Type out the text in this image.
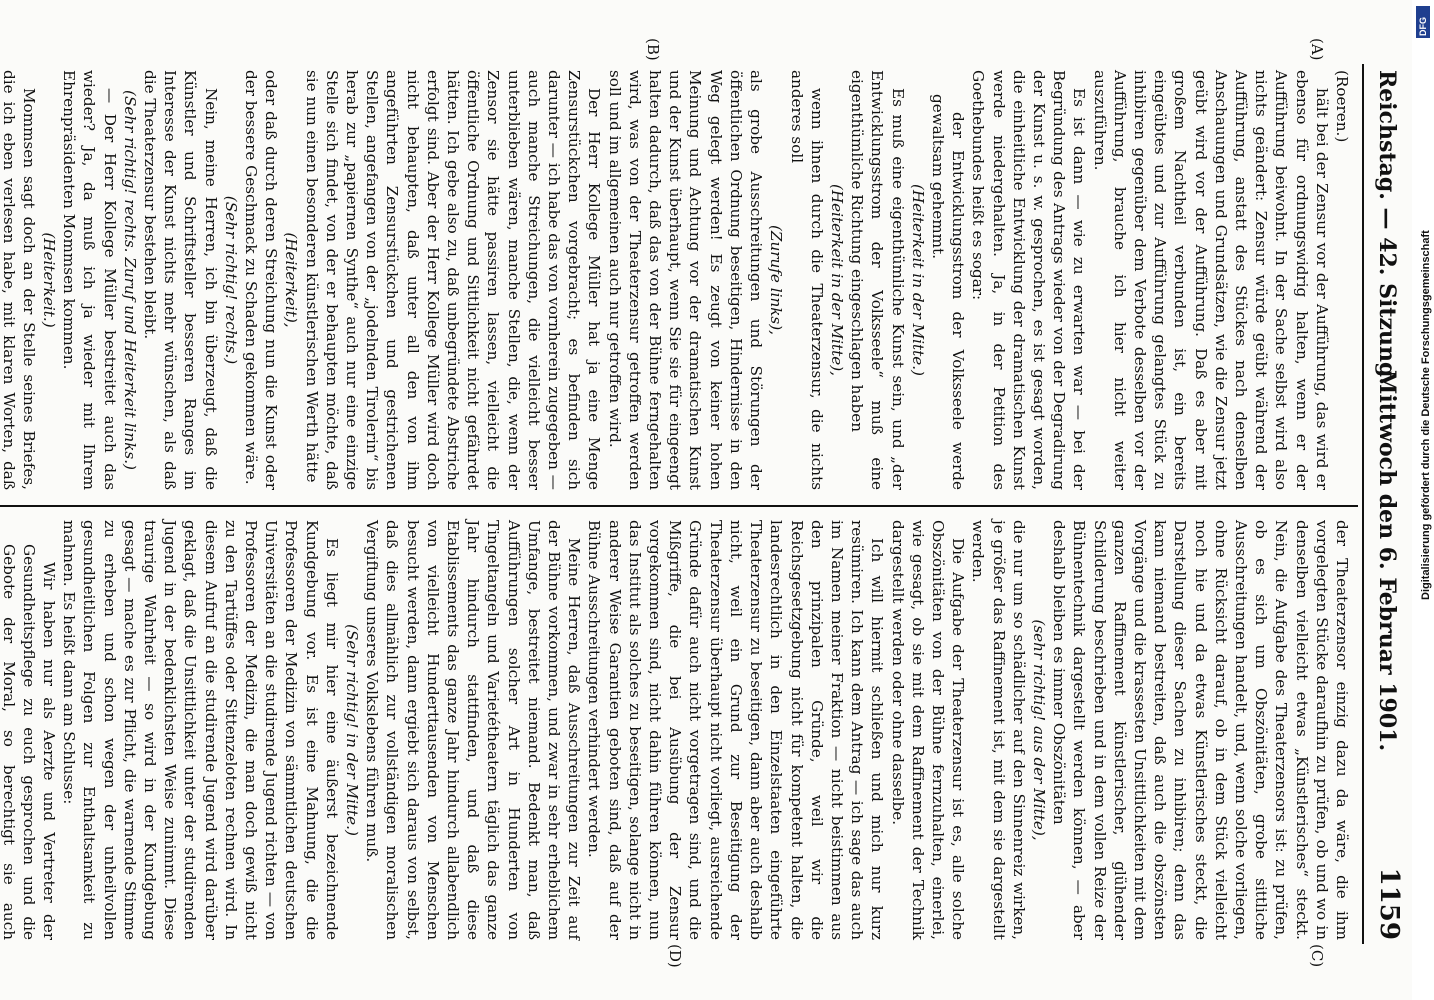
Reichstag. — 42. Sitzung.
Mittwoch den 6. Februar 1901.
1159
(A)
(B)
(C)
(D)

(Roeren.)

hält bei der Zensur vor der Aufführung, das wird er ebenso für ordnungswidrig halten, wenn er der Aufführung beiwohnt. In der Sache selbst wird also nichts geändert: Zensur würde geübt während der Aufführung, anstatt des Stückes nach denselben Anschauungen und Grundsätzen, wie die Zensur jetzt geübt wird vor der Aufführung. Daß es aber mit großem Nachtheil verbunden ist, ein bereits eingeübtes und zur Aufführung gelangtes Stück zu inhibiren gegenüber dem Verbote desselben vor der Aufführung, brauche ich hier nicht weiter auszuführen.

Es ist dann — wie zu erwarten war — bei der Begründung des Antrags wieder von der Degradirung der Kunst u. s. w. gesprochen, es ist gesagt worden, die einheitliche Entwicklung der dramatischen Kunst werde niedergehalten. Ja, in der Petition des Goethebundes heißt es sogar:

der Entwicklungsstrom der Volksseele werde gewaltsam gehemmt.

(Heiterkeit in der Mitte.)

Es muß eine eigenthümliche Kunst sein, und „der Entwicklungsstrom der Volksseele“ muß eine eigenthümliche Richtung eingeschlagen haben

(Heiterkeit in der Mitte),

wenn ihnen durch die Theaterzensur, die nichts anderes soll

(Zurufe links),

als grobe Ausschreitungen und Störungen der öffentlichen Ordnung beseitigen, Hindernisse in den Weg gelegt werden! Es zeugt von keiner hohen Meinung und Achtung vor der dramatischen Kunst und der Kunst überhaupt, wenn Sie sie für eingeengt halten dadurch, daß das von der Bühne ferngehalten wird, was von der Theaterzensur getroffen werden soll und im allgemeinen auch nur getroffen wird.

Der Herr Kollege Müller hat ja eine Menge Zensurstückchen vorgebracht; es befinden sich darunter — ich habe das von vornherein zugegeben — auch manche Streichungen, die vielleicht besser unterblieben wären, manche Stellen, die, wenn der Zensor sie hätte passiren lassen, vielleicht die öffentliche Ordnung und Sittlichkeit nicht gefährdet hätten. Ich gebe also zu, daß unbegründete Abstriche erfolgt sind. Aber der Herr Kollege Müller wird doch nicht behaupten, daß unter all den von ihm angeführten Zensurstückchen und gestrichenen Stellen, angefangen von der „jodelnden Tirolerin“ bis herab zur „papiernen Synthe“ auch nur eine einzige Stelle sich findet, von der er behaupten möchte, daß sie nun einen besonderen künstlerischen Werth hätte

(Heiterkeit),

oder daß durch deren Streichung nun die Kunst oder der bessere Geschmack zu Schaden gekommen wäre.

(Sehr richtig! rechts.)

Nein, meine Herren, ich bin überzeugt, daß die Künstler und Schriftsteller besseren Ranges im Interesse der Kunst nichts mehr wünschen, als daß die Theaterzensur bestehen bleibt.

(Sehr richtig! rechts. Zuruf und Heiterkeit links.)

— Der Herr Kollege Müller bestreitet auch das wieder? Ja, da muß ich ja wieder mit Ihrem Ehrenpräsidenten Mommsen kommen.

(Heiterkeit.)

Mommsen sagt doch an der Stelle seines Briefes, die ich eben verlesen habe, mit klaren Worten, daß

der Theaterzensor einzig dazu da wäre, die ihm vorgelegten Stücke daraufhin zu prüfen, ob und wo in denselben vielleicht etwas „Künstlerisches“ steckt. Nein, die Aufgabe des Theaterzensors ist: zu prüfen, ob es sich um Obszönitäten, grobe sittliche Ausschreitungen handelt, und, wenn solche vorliegen, ohne Rücksicht darauf, ob in dem Stück vielleicht noch hie und da etwas Künstlerisches steckt, die Darstellung dieser Sachen zu inhibiren; denn das kann niemand bestreiten, daß auch die obszönsten Vorgänge und die krassesten Unsittlichkeiten mit dem ganzen Raffinement künstlerischer, glühender Schilderung beschrieben und in dem vollen Reize der Bühnentechnik dargestellt werden können, — aber deshalb bleiben es immer Obszönitäten

(sehr richtig! aus der Mitte),

die nur um so schädlicher auf den Sinnenreiz wirken, je größer das Raffinement ist, mit dem sie dargestellt werden.

Die Aufgabe der Theaterzensur ist es, alle solche Obszönitäten von der Bühne fernzuhalten, einerlei, wie gesagt, ob sie mit dem Raffinement der Technik dargestellt werden oder ohne dasselbe.

Ich will hiermit schließen und mich nur kurz resümiren. Ich kann dem Antrag — ich sage das auch im Namen meiner Fraktion — nicht beistimmen aus den prinzipalen Gründe, weil wir die Reichsgesetzgebung nicht für kompetent halten, die landesrechtlich in den Einzelstaaten eingeführte Theaterzensur zu beseitigen, dann aber auch deshalb nicht, weil ein Grund zur Beseitigung der Theaterzensur überhaupt nicht vorliegt, ausreichende Gründe dafür auch nicht vorgetragen sind, und die Mißgriffe, die bei Ausübung der Zensur vorgekommen sind, nicht dahin führen können, nun das Institut als solches zu beseitigen, solange nicht in anderer Weise Garantien geboten sind, daß auf der Bühne Ausschreitungen verhindert werden.

Meine Herren, daß Ausschreitungen zur Zeit auf der Bühne vorkommen, und zwar in sehr erheblichem Umfange, bestreitet niemand. Bedenkt man, daß Aufführungen solcher Art in Hunderten von Tingeltangeln und Varietétheatern täglich das ganze Jahr hindurch stattfinden, und daß diese Etablissements das ganze Jahr hindurch allabendlich von vielleicht Hunderttausenden von Menschen besucht werden, dann ergiebt sich daraus von selbst, daß dies allmählich zur vollständigen moralischen Vergiftung unseres Volkslebens führen muß.

(Sehr richtig! in der Mitte.)

Es liegt mir hier eine äußerst bezeichnende Kundgebung vor. Es ist eine Mahnung, die die Professoren der Medizin von sämmtlichen deutschen Universitäten an die studirende Jugend richten — von Professoren der Medizin, die man doch gewiß nicht zu den Tartüffes oder Sittenzeloten rechnen wird. In diesem Aufruf an die studirende Jugend wird darüber geklagt, daß die Unsittlichkeit unter der studirenden Jugend in der bedenklichsten Weise zunimmt. Diese traurige Wahrheit — so wird in der Kundgebung gesagt — mache es zur Pflicht, die warnende Stimme zu erheben und schon wegen der unheilvollen gesundheitlichen Folgen zur Enthaltsamkeit zu mahnen. Es heißt dann am Schlusse:

Wir haben nur als Aerzte und Vertreter der Gesundheitspflege zu euch gesprochen und die Gebote der Moral, so berechtigt sie auch

DFG
Digitalisierung gefördert durch die Deutsche Forschungsgemeinschaft
